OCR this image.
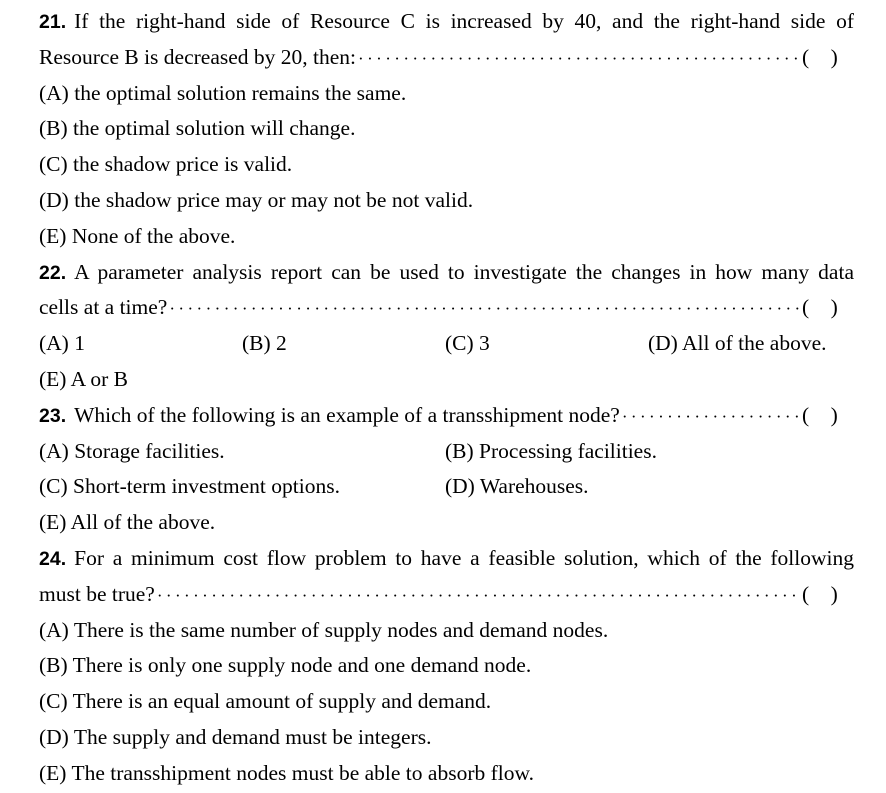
21. If the right-hand side of Resource C is increased by 40, and the right-hand side of
Resource B is decreased by 20, then: ·····	(    )
(A) the optimal solution remains the same.
(B) the optimal solution will change.
(C) the shadow price is valid.
(D) the shadow price may or may not be not valid.
(E) None of the above.
22. A parameter analysis report can be used to investigate the changes in how many data
cells at a time? ·····	(    )
(A) 1	(B) 2	(C) 3	(D) All of the above.
(E) A or B
23. Which of the following is an example of a transshipment node? ·····	(    )
(A) Storage facilities.	(B) Processing facilities.
(C) Short-term investment options.	(D) Warehouses.
(E) All of the above.
24. For a minimum cost flow problem to have a feasible solution, which of the following
must be true? ·····	(    )
(A) There is the same number of supply nodes and demand nodes.
(B) There is only one supply node and one demand node.
(C) There is an equal amount of supply and demand.
(D) The supply and demand must be integers.
(E) The transshipment nodes must be able to absorb flow.
